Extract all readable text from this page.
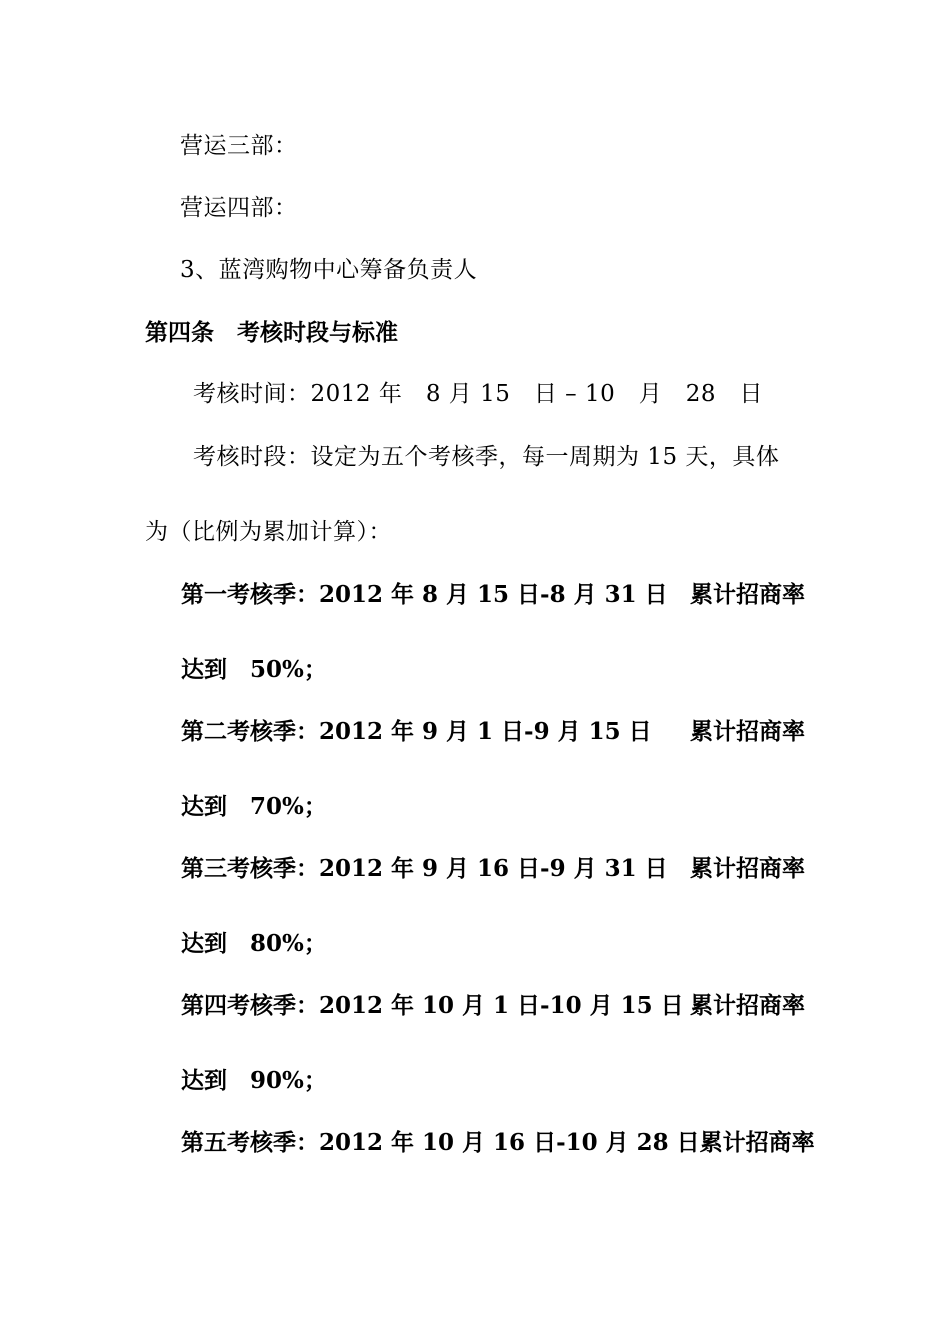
营运三部：
营运四部：
3、蓝湾购物中心筹备负责人
第四条　考核时段与标准
考核时间：2012 年　8 月 15　日 – 10　月　28　日
考核时段：设定为五个考核季，每一周期为 15 天，具体
为（比例为累加计算）：
第一考核季：2012 年 8 月 15 日-8 月 31 日 累计招商率
达到　50%；
第二考核季：2012 年 9 月 1 日-9 月 15 日 累计招商率
达到　70%；
第三考核季：2012 年 9 月 16 日-9 月 31 日 累计招商率
达到　80%；
第四考核季：2012 年 10 月 1 日-10 月 15 日 累计招商率
达到　90%；
第五考核季：2012 年 10 月 16 日-10 月 28 日 累计招商率
